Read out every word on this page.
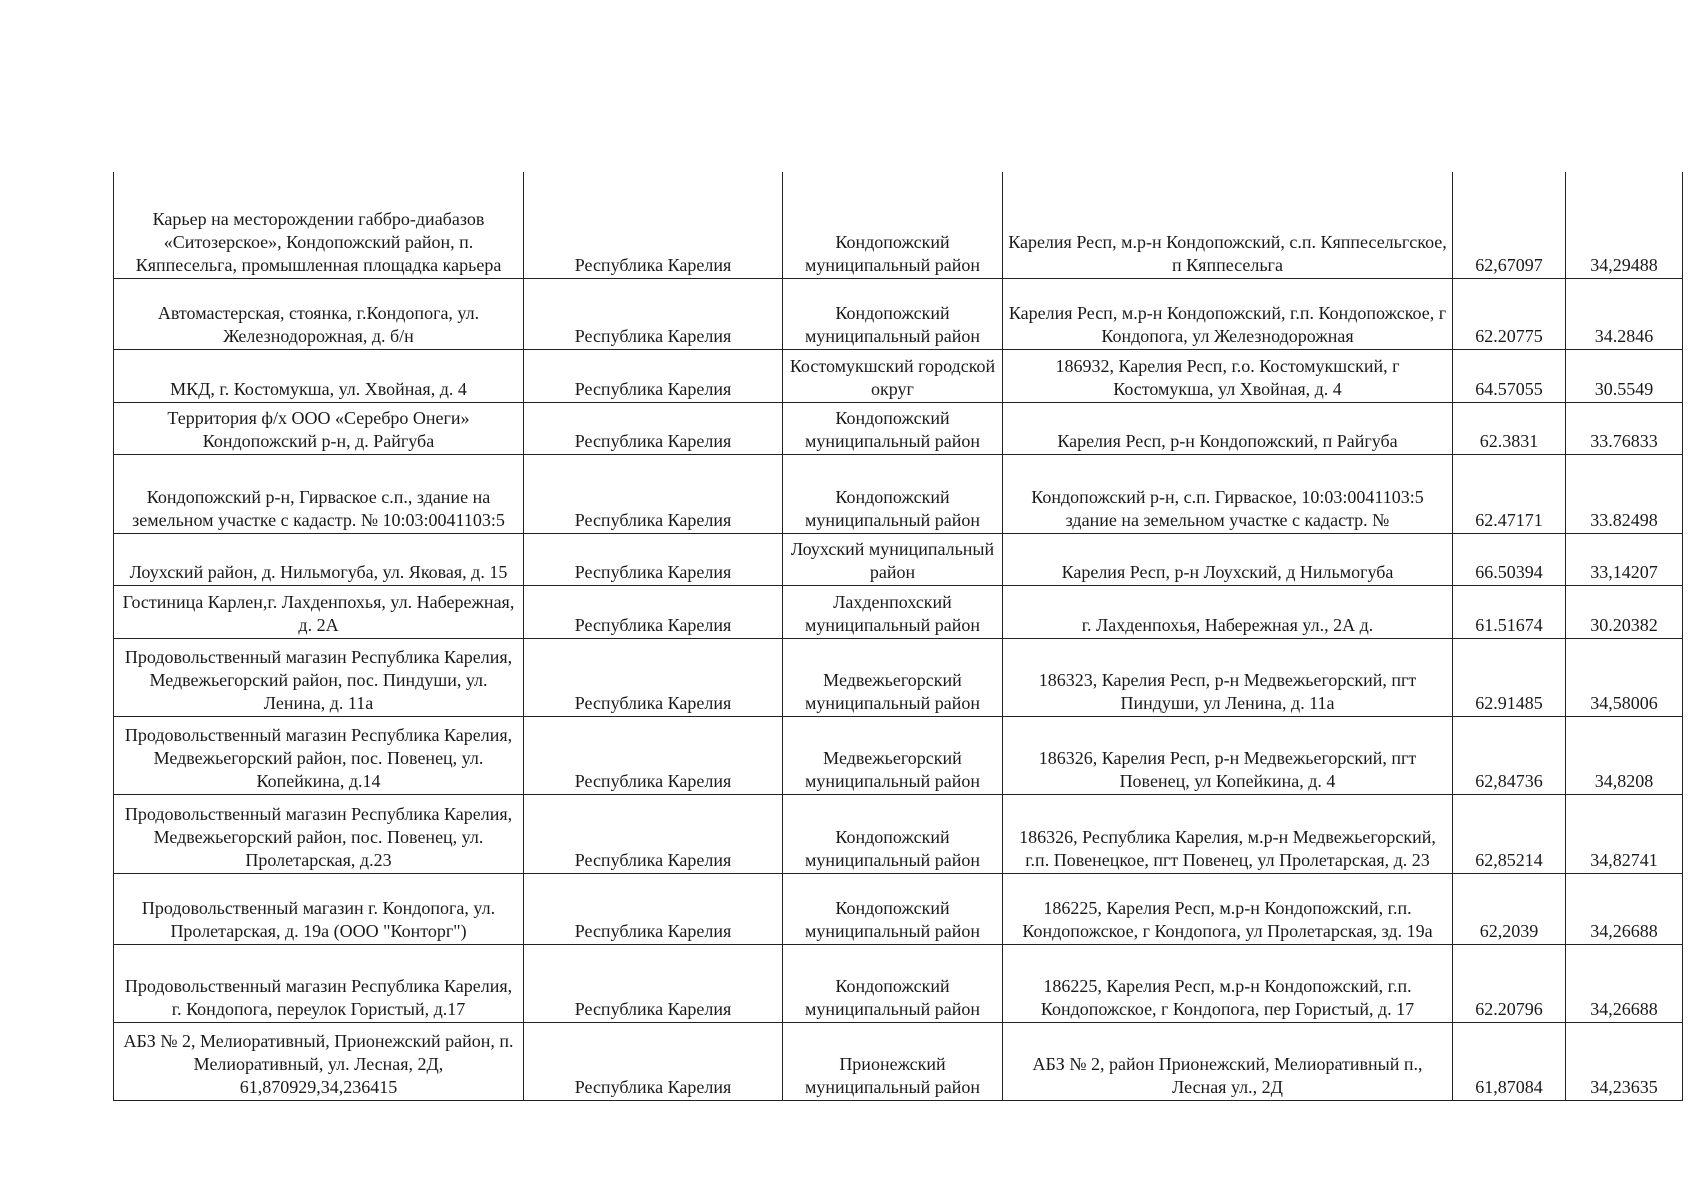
Карьер на месторождении габбро-диабазов «Ситозерское», Кондопожский район, п. Кяппесельга, промышленная площадка карьера	Республика Карелия	Кондопожский муниципальный район	Карелия Респ, м.р-н Кондопожский, с.п. Кяппесельгское, п Кяппесельга	62,67097	34,29488
Автомастерская, стоянка, г.Кондопога, ул. Железнодорожная, д. б/н	Республика Карелия	Кондопожский муниципальный район	Карелия Респ, м.р-н Кондопожский, г.п. Кондопожское, г Кондопога, ул Железнодорожная	62.20775	34.2846
МКД, г. Костомукша, ул. Хвойная, д. 4	Республика Карелия	Костомукшский городской округ	186932, Карелия Респ, г.о. Костомукшский, г Костомукша, ул Хвойная, д. 4	64.57055	30.5549
Территория ф/х ООО «Серебро Онеги» Кондопожский р-н, д. Райгуба	Республика Карелия	Кондопожский муниципальный район	Карелия Респ, р-н Кондопожский, п Райгуба	62.3831	33.76833
Кондопожский р-н, Гирваское с.п., здание на земельном участке с кадастр. № 10:03:0041103:5	Республика Карелия	Кондопожский муниципальный район	Кондопожский р-н, с.п. Гирваское, 10:03:0041103:5 здание на земельном участке с кадастр. №	62.47171	33.82498
Лоухский район, д. Нильмогуба, ул. Яковая, д. 15	Республика Карелия	Лоухский муниципальный район	Карелия Респ, р-н Лоухский, д Нильмогуба	66.50394	33,14207
Гостиница Карлен,г. Лахденпохья, ул. Набережная, д. 2А	Республика Карелия	Лахденпохский муниципальный район	г. Лахденпохья, Набережная ул., 2А д.	61.51674	30.20382
Продовольственный магазин Республика Карелия, Медвежьегорский район, пос. Пиндуши, ул. Ленина, д. 11а	Республика Карелия	Медвежьегорский муниципальный район	186323, Карелия Респ, р-н Медвежьегорский, пгт Пиндуши, ул Ленина, д. 11а	62.91485	34,58006
Продовольственный магазин Республика Карелия, Медвежьегорский район, пос. Повенец, ул. Копейкина, д.14	Республика Карелия	Медвежьегорский муниципальный район	186326, Карелия Респ, р-н Медвежьегорский, пгт Повенец, ул Копейкина, д. 4	62,84736	34,8208
Продовольственный магазин Республика Карелия, Медвежьегорский район, пос. Повенец, ул. Пролетарская, д.23	Республика Карелия	Кондопожский муниципальный район	186326, Республика Карелия, м.р-н Медвежьегорский, г.п. Повенецкое, пгт Повенец, ул Пролетарская, д. 23	62,85214	34,82741
Продовольственный магазин г. Кондопога, ул. Пролетарская, д. 19а (ООО "Конторг")	Республика Карелия	Кондопожский муниципальный район	186225, Карелия Респ, м.р-н Кондопожский, г.п. Кондопожское, г Кондопога, ул Пролетарская, зд. 19а	62,2039	34,26688
Продовольственный магазин Республика Карелия, г. Кондопога, переулок Гористый, д.17	Республика Карелия	Кондопожский муниципальный район	186225, Карелия Респ, м.р-н Кондопожский, г.п. Кондопожское, г Кондопога, пер Гористый, д. 17	62.20796	34,26688
АБЗ № 2, Мелиоративный, Прионежский район, п. Мелиоративный, ул. Лесная, 2Д, 61,870929,34,236415	Республика Карелия	Прионежский муниципальный район	АБЗ № 2, район Прионежский, Мелиоративный п., Лесная ул., 2Д	61,87084	34,23635
